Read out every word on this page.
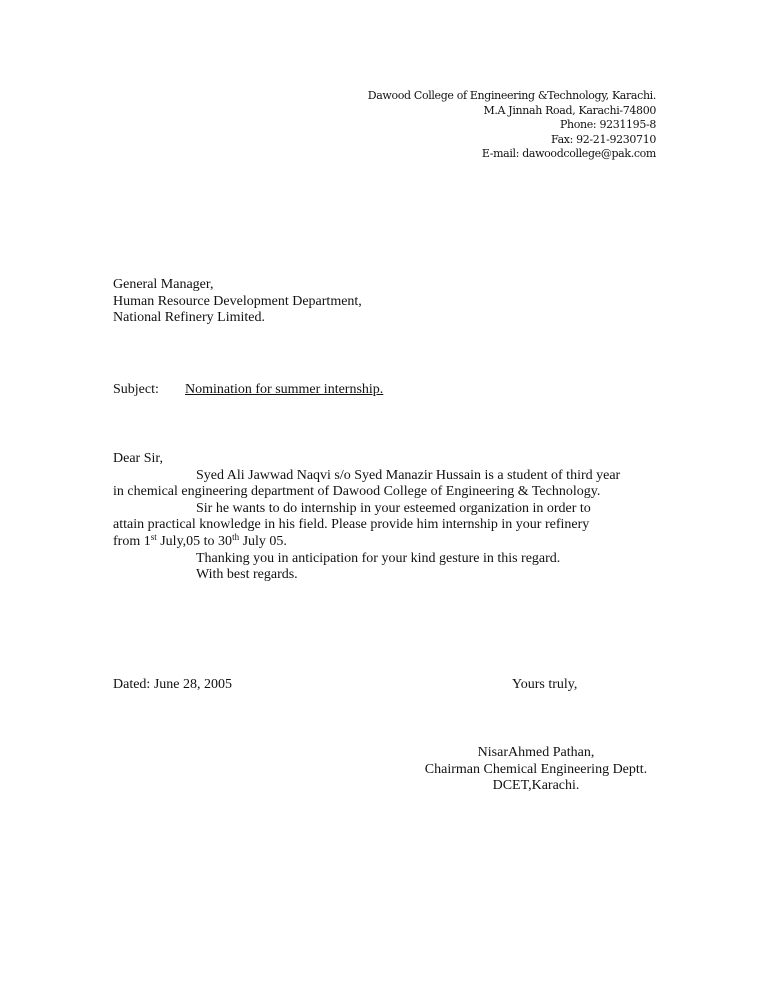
Dawood College of Engineering &Technology, Karachi.
M.A Jinnah Road, Karachi-74800
Phone: 9231195-8
Fax: 92-21-9230710
E-mail: dawoodcollege@pak.com
General Manager,
Human Resource Development Department,
National Refinery Limited.
Subject: Nomination for summer internship.
Dear Sir,
Syed Ali Jawwad Naqvi s/o Syed Manazir Hussain is a student of third year
in chemical engineering department of Dawood College of Engineering & Technology.
Sir he wants to do internship in your esteemed organization in order to
attain practical knowledge in his field. Please provide him internship in your refinery
from 1st July,05 to 30th July 05.
Thanking you in anticipation for your kind gesture in this regard.
With best regards.
Dated: June 28, 2005	Yours truly,
NisarAhmed Pathan,
Chairman Chemical Engineering Deptt.
DCET,Karachi.
